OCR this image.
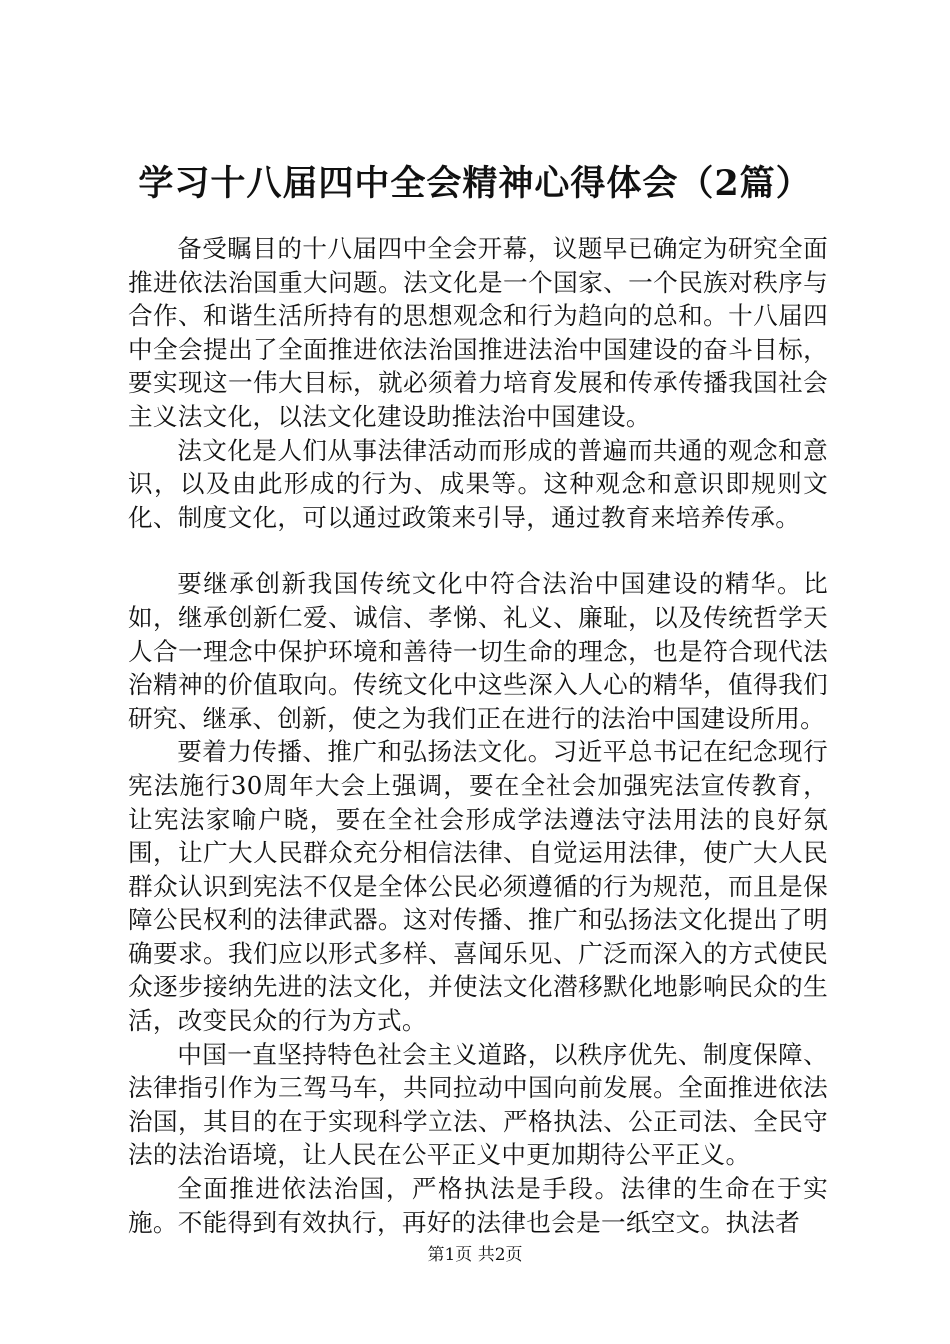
学习十八届四中全会精神心得体会（2篇）

备受瞩目的十八届四中全会开幕，议题早已确定为研究全面推进依法治国重大问题。法文化是一个国家、一个民族对秩序与合作、和谐生活所持有的思想观念和行为趋向的总和。十八届四中全会提出了全面推进依法治国推进法治中国建设的奋斗目标，要实现这一伟大目标，就必须着力培育发展和传承传播我国社会主义法文化，以法文化建设助推法治中国建设。

法文化是人们从事法律活动而形成的普遍而共通的观念和意识，以及由此形成的行为、成果等。这种观念和意识即规则文化、制度文化，可以通过政策来引导，通过教育来培养传承。

要继承创新我国传统文化中符合法治中国建设的精华。比如，继承创新仁爱、诚信、孝悌、礼义、廉耻，以及传统哲学天人合一理念中保护环境和善待一切生命的理念，也是符合现代法治精神的价值取向。传统文化中这些深入人心的精华，值得我们研究、继承、创新，使之为我们正在进行的法治中国建设所用。

要着力传播、推广和弘扬法文化。习近平总书记在纪念现行宪法施行30周年大会上强调，要在全社会加强宪法宣传教育，让宪法家喻户晓，要在全社会形成学法遵法守法用法的良好氛围，让广大人民群众充分相信法律、自觉运用法律，使广大人民群众认识到宪法不仅是全体公民必须遵循的行为规范，而且是保障公民权利的法律武器。这对传播、推广和弘扬法文化提出了明确要求。我们应以形式多样、喜闻乐见、广泛而深入的方式使民众逐步接纳先进的法文化，并使法文化潜移默化地影响民众的生活，改变民众的行为方式。

中国一直坚持特色社会主义道路，以秩序优先、制度保障、法律指引作为三驾马车，共同拉动中国向前发展。全面推进依法治国，其目的在于实现科学立法、严格执法、公正司法、全民守法的法治语境，让人民在公平正义中更加期待公平正义。

全面推进依法治国，严格执法是手段。法律的生命在于实施。不能得到有效执行，再好的法律也会是一纸空文。执法者

第1页 共2页
